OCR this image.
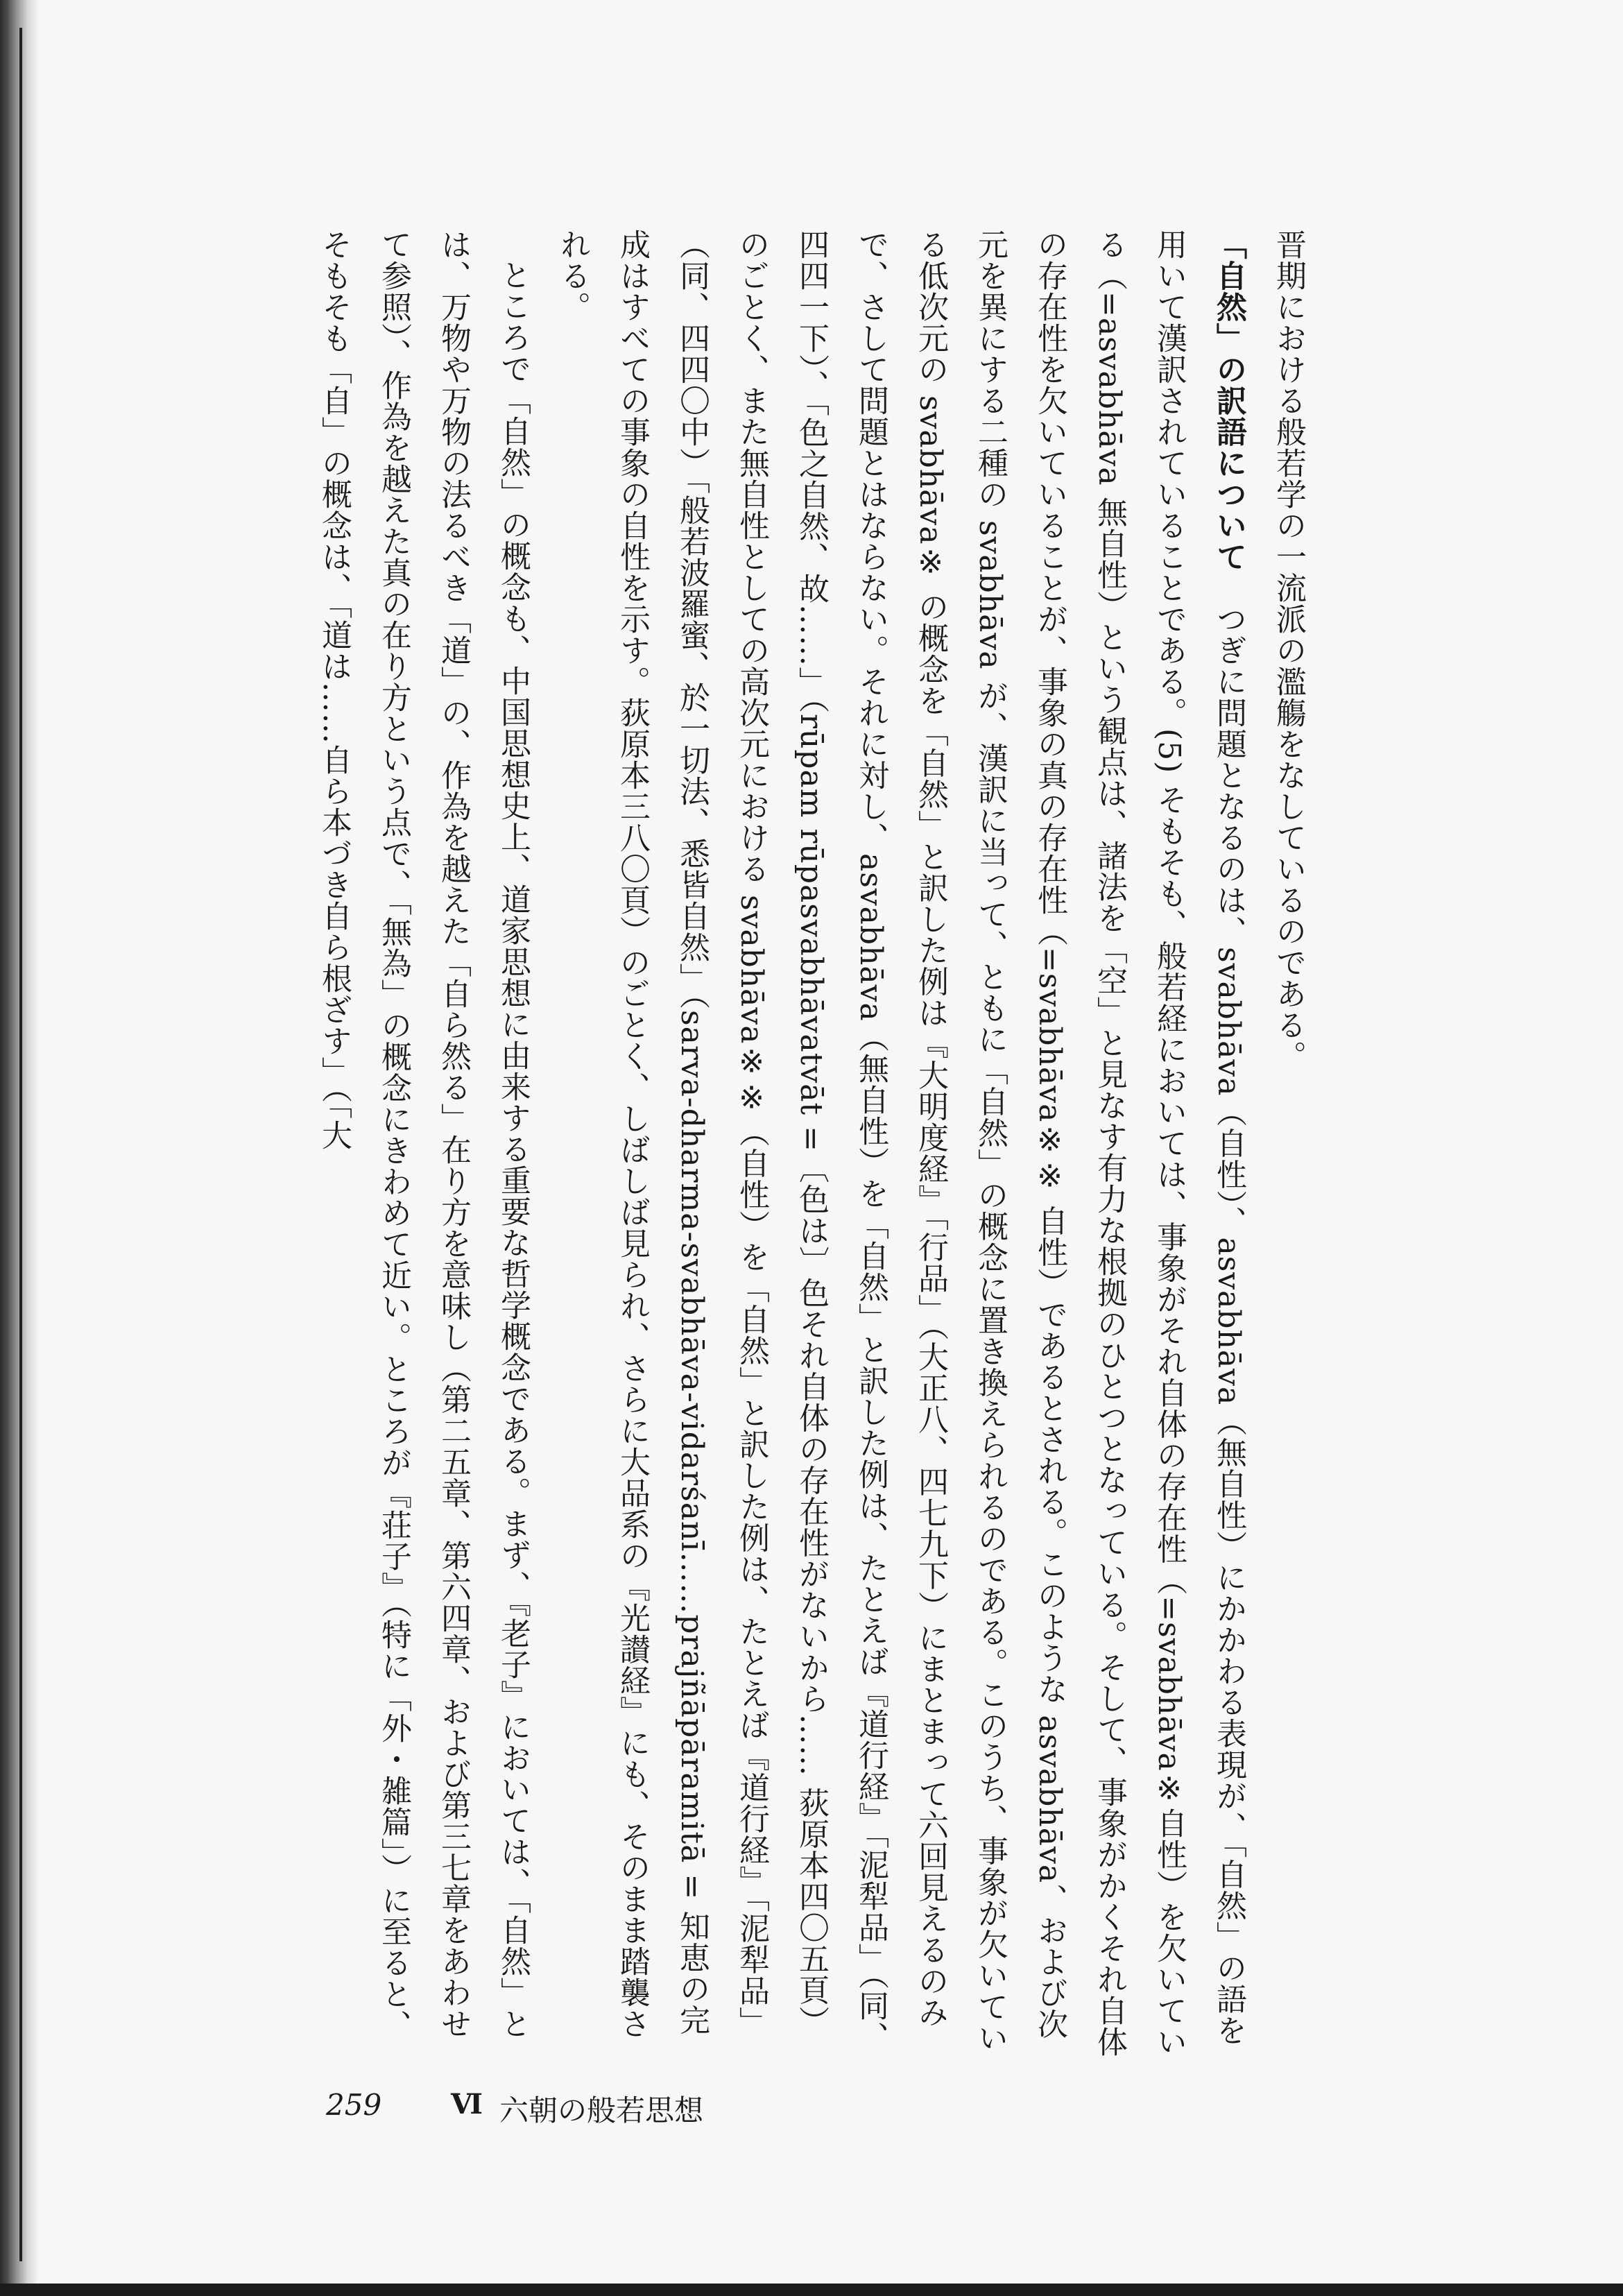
晋期における般若学の一流派の濫觴をなしているのである。

「自然」の訳語について　つぎに問題となるのは、svabhāva（自性）、asvabhāva（無自性）にかかわる表現が、「自然」の語を用いて漢訳されていることである。(5) そもそも、般若経においては、事象がそれ自体の存在性（=svabhāva※自性）を欠いている（=asvabhāva 無自性）という観点は、諸法を「空」と見なす有力な根拠のひとつとなっている。そして、事象がかくそれ自体の存在性を欠いていることが、事象の真の存在性（=svabhāva※※ 自性）であるとされる。このような asvabhāva、および次元を異にする二種の svabhāva が、漢訳に当って、ともに「自然」の概念に置き換えられるのである。このうち、事象が欠いている低次元の svabhāva※ の概念を「自然」と訳した例は『大明度経』「行品」（大正八、四七九下）にまとまって六回見えるのみで、さして問題とはならない。それに対し、asvabhāva（無自性）を「自然」と訳した例は、たとえば『道行経』「泥犁品」（同、四四一下）、「色之自然、故……」（rūpam rūpasvabhāvatvāt =〔色は〕色それ自体の存在性がないから…… 荻原本四〇五頁）のごとく、また無自性としての高次元における svabhāva※※（自性）を「自然」と訳した例は、たとえば『道行経』「泥犁品」（同、四四〇中）「般若波羅蜜、於一切法、悉皆自然」（sarva-dharma-svabhāva-vidarśanī……prajñāpāramitā = 知恵の完成はすべての事象の自性を示す。荻原本三八〇頁）のごとく、しばしば見られ、さらに大品系の『光讃経』にも、そのまま踏襲される。

ところで「自然」の概念も、中国思想史上、道家思想に由来する重要な哲学概念である。まず、『老子』においては、「自然」とは、万物や万物の法るべき「道」の、作為を越えた「自ら然る」在り方を意味し（第二五章、第六四章、および第三七章をあわせて参照）、作為を越えた真の在り方という点で、「無為」の概念にきわめて近い。ところが『荘子』（特に「外・雑篇」）に至ると、そもそも「自」の概念は、「道は……自ら本づき自ら根ざす」（「大

259 Ⅵ 六朝の般若思想
